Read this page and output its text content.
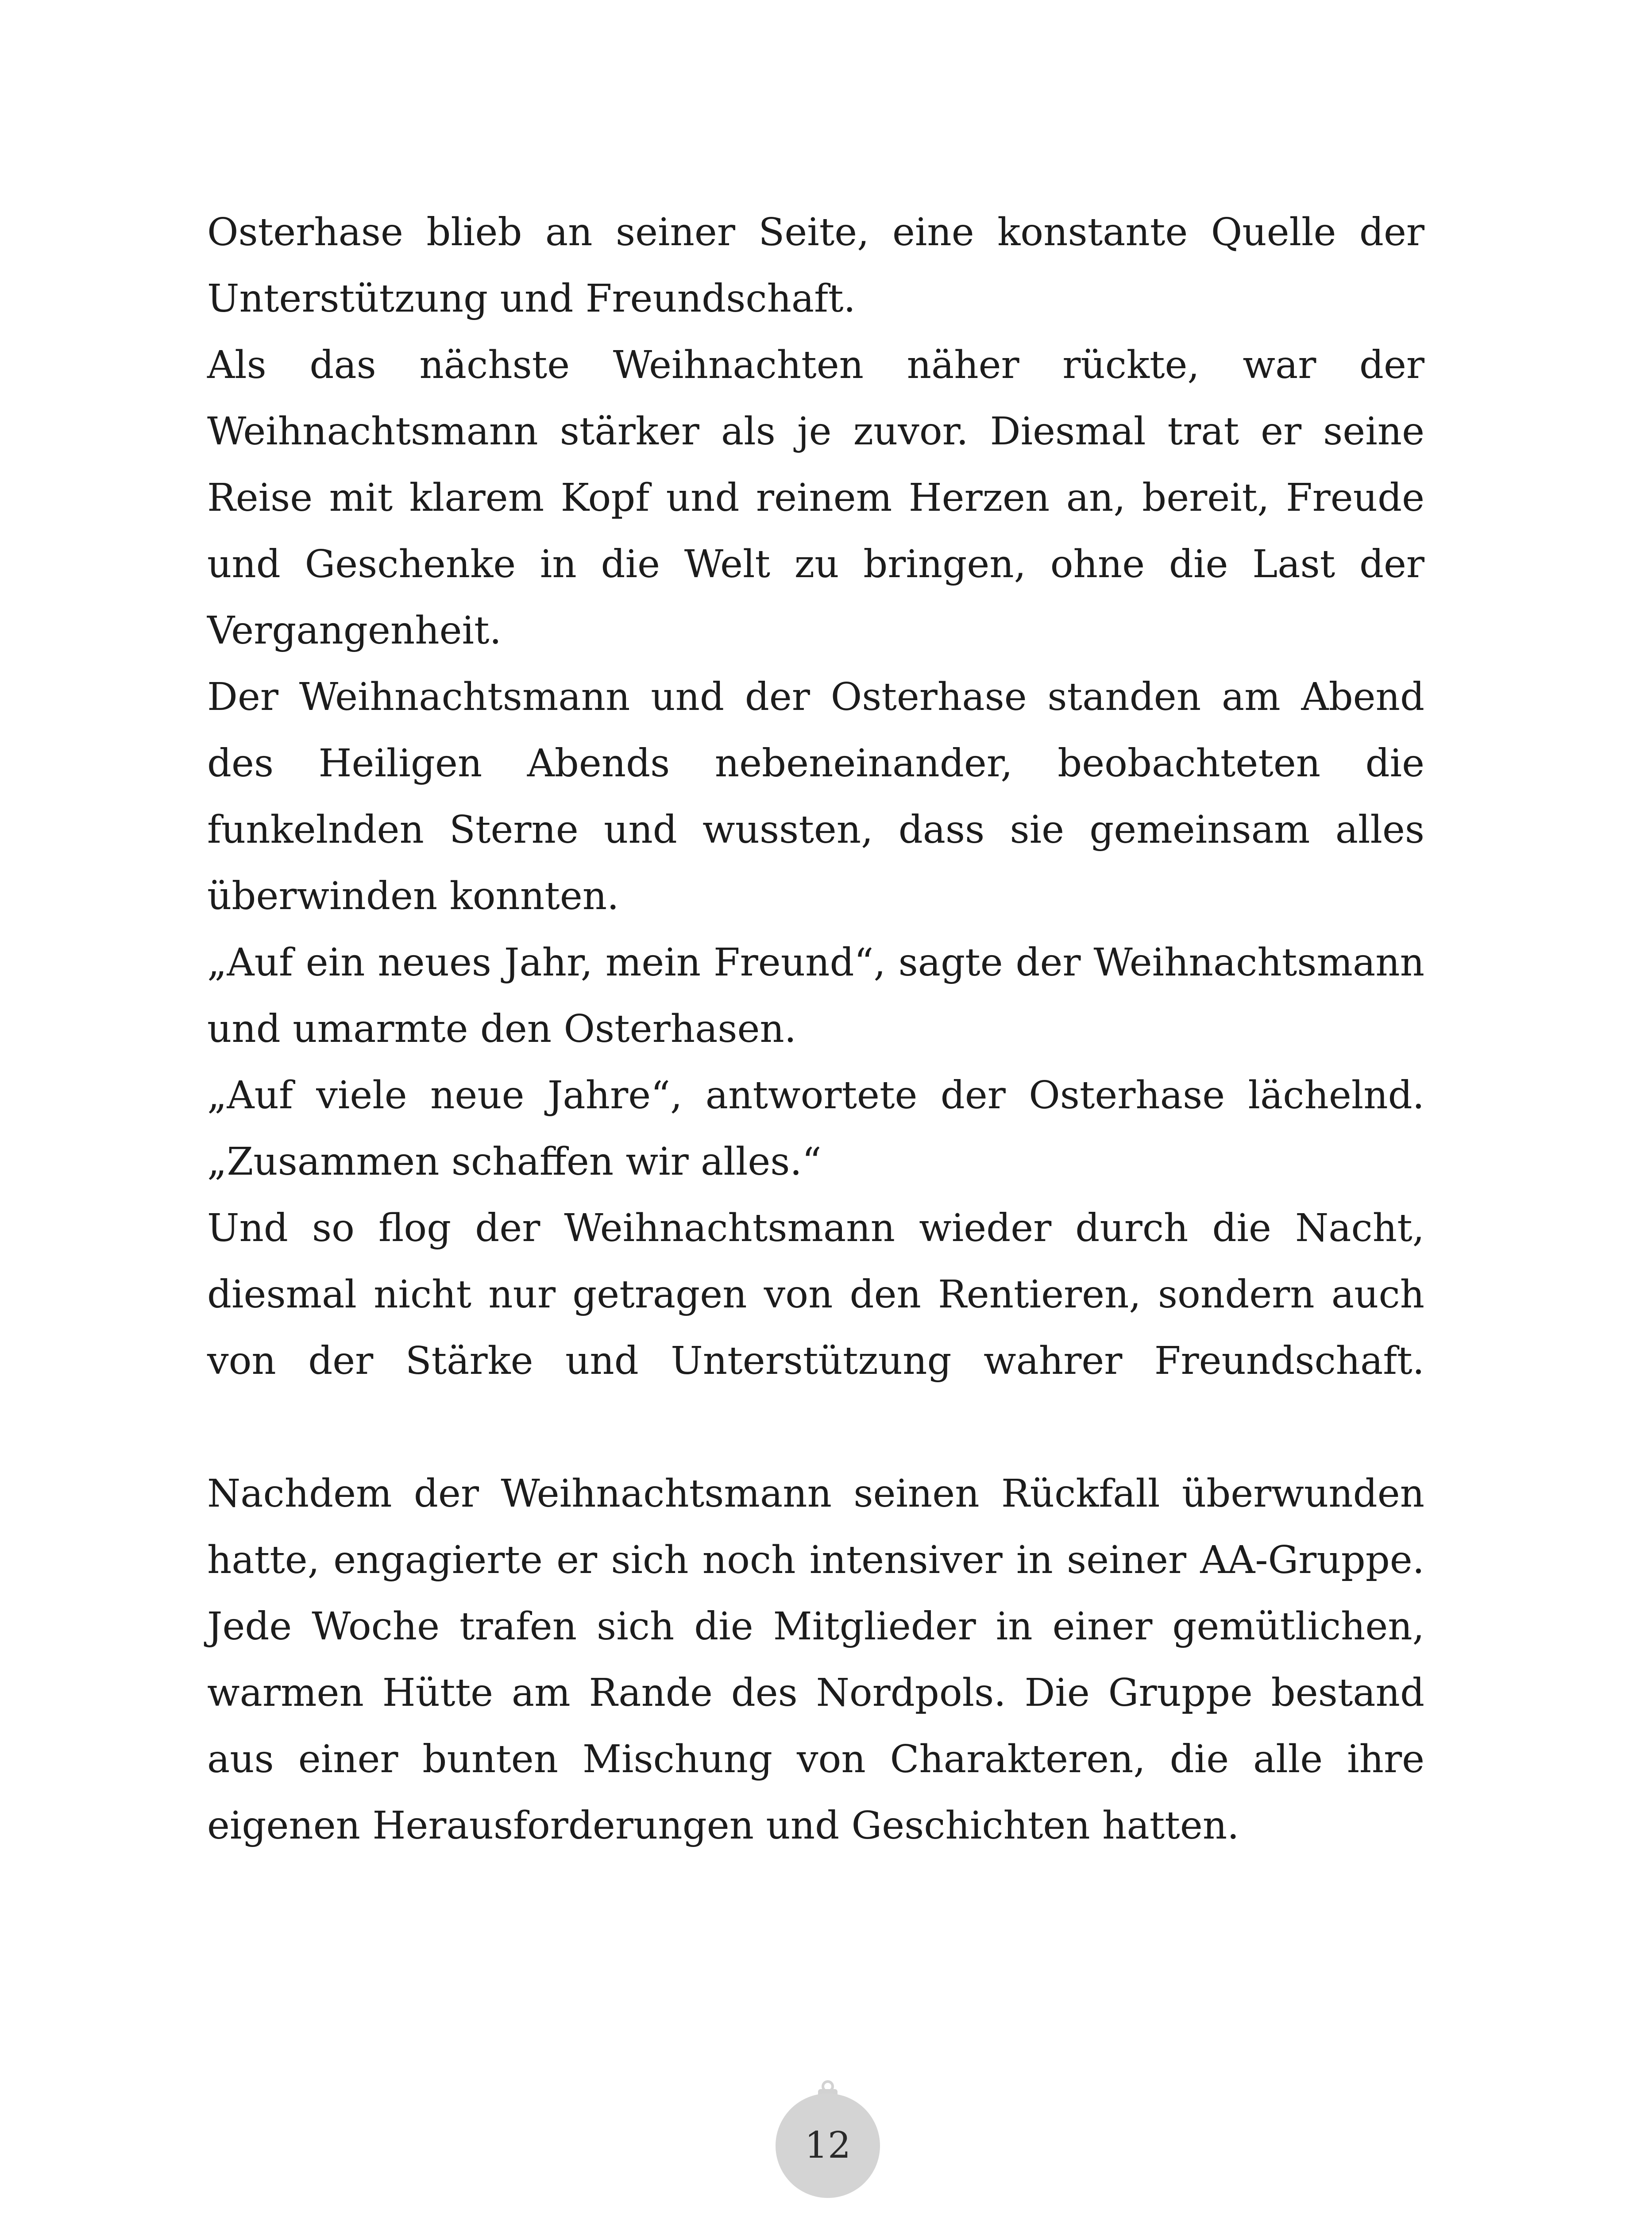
Osterhase blieb an seiner Seite, eine konstante Quelle der Unterstützung und Freundschaft.

Als das nächste Weihnachten näher rückte, war der Weihnachtsmann stärker als je zuvor. Diesmal trat er seine Reise mit klarem Kopf und reinem Herzen an, bereit, Freude und Geschenke in die Welt zu bringen, ohne die Last der Vergangenheit.

Der Weihnachtsmann und der Osterhase standen am Abend des Heiligen Abends nebeneinander, beobachteten die funkelnden Sterne und wussten, dass sie gemeinsam alles überwinden konnten.

„Auf ein neues Jahr, mein Freund“, sagte der Weihnachtsmann und umarmte den Osterhasen.

„Auf viele neue Jahre“, antwortete der Osterhase lächelnd. „Zusammen schaffen wir alles.“

Und so flog der Weihnachtsmann wieder durch die Nacht, diesmal nicht nur getragen von den Rentieren, sondern auch von der Stärke und Unterstützung wahrer Freundschaft.

Nachdem der Weihnachtsmann seinen Rückfall überwunden hatte, engagierte er sich noch intensiver in seiner AA-Gruppe. Jede Woche trafen sich die Mitglieder in einer gemütlichen, warmen Hütte am Rande des Nordpols. Die Gruppe bestand aus einer bunten Mischung von Charakteren, die alle ihre eigenen Herausforderungen und Geschichten hatten.

12
